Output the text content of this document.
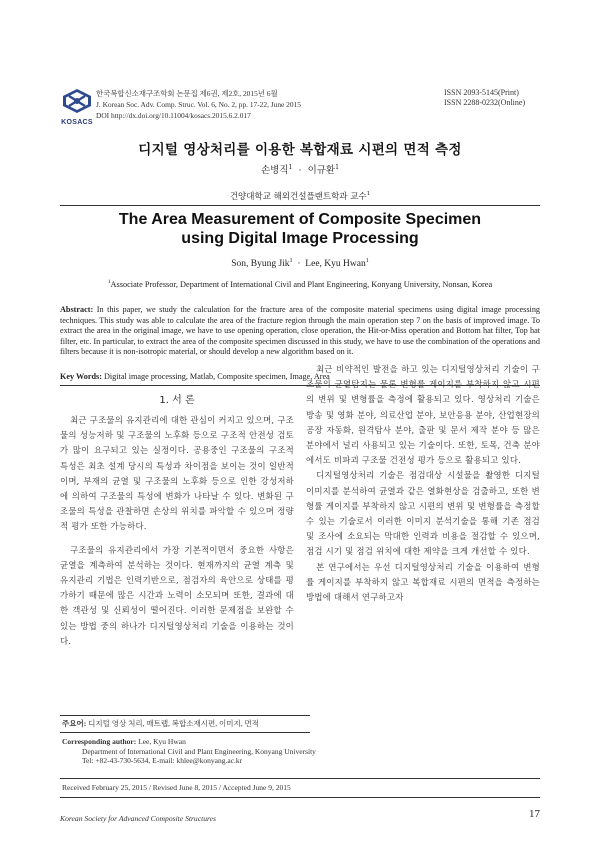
KOSACS
한국복합신소재구조학회 논문집 제6권, 제2호, 2015년 6월
J. Korean Soc. Adv. Comp. Struc. Vol. 6, No. 2, pp. 17-22, June 2015
DOI http://dx.doi.org/10.11004/kosacs.2015.6.2.017
ISSN 2093-5145(Print)
ISSN 2288-0232(Online)
디지털 영상처리를 이용한 복합재료 시편의 면적 측정
손병직$^1$ · 이규환$^1$
건양대학교 해외건설플랜트학과 교수$^1$
The Area Measurement of Composite Specimen
using Digital Image Processing
Son, Byung Jik$^1$ · Lee, Kyu Hwan$^1$
$^1$Associate Professor, Department of International Civil and Plant Engineering, Konyang University, Nonsan, Korea
Abstract: In this paper, we study the calculation for the fracture area of the composite material specimens using digital image processing techniques. This study was able to calculate the area of the fracture region through the main operation step 7 on the basis of improved image. To extract the area in the original image, we have to use opening operation, close operation, the Hit-or-Miss operation and Bottom hat filter, Top hat filter, etc. In particular, to extract the area of the composite specimen discussed in this study, we have to use the combination of the operations and filters because it is non-isotropic material, or should develop a new algorithm based on it.
Key Words: Digital image processing, Matlab, Composite specimen, Image, Area
1. 서 론

최근 구조물의 유지관리에 대한 관심이 커지고 있으며, 구조물의 성능저하 및 구조물의 노후화 등으로 구조적 안전성 검토가 많이 요구되고 있는 실정이다. 공용중인 구조물의 구조적 특성은 최초 설계 당시의 특성과 차이점을 보이는 것이 일반적이며, 부재의 균열 및 구조물의 노후화 등으로 인한 강성저하에 의하여 구조물의 특성에 변화가 나타날 수 있다. 변화된 구조물의 특성을 관찰하면 손상의 위치를 파악할 수 있으며 정량적 평가 또한 가능하다.

구조물의 유지관리에서 가장 기본적이면서 중요한 사항은 균열을 계측하여 분석하는 것이다. 현재까지의 균열 계측 및 유지관리 기법은 인력기반으로, 점검자의 육안으로 상태를 평가하기 때문에 많은 시간과 노력이 소모되며 또한, 결과에 대한 객관성 및 신뢰성이 떨어진다. 이러한 문제점을 보완할 수 있는 방법 중의 하나가 디지털영상처리 기술을 이용하는 것이다.

최근 비약적인 발전을 하고 있는 디지털영상처리 기술이 구조물의 균열탐지는 물론 변형률 게이지를 부착하지 않고 시편의 변위 및 변형률을 측정에 활용되고 있다. 영상처리 기술은 방송 및 영화 분야, 의료산업 분야, 보안응용 분야, 산업현장의 공장 자동화, 원격탐사 분야, 출판 및 문서 제작 분야 등 많은 분야에서 널리 사용되고 있는 기술이다. 또한, 토목, 건축 분야에서도 비파괴 구조물 건전성 평가 등으로 활용되고 있다.

디지털영상처리 기술은 점검대상 시설물을 촬영한 디지털 이미지를 분석하여 균열과 같은 열화현상을 검출하고, 또한 변형률 게이지를 부착하지 않고 시편의 변위 및 변형률을 측정할 수 있는 기술로서 이러한 이미지 분석기술을 통해 기존 점검 및 조사에 소요되는 막대한 인력과 비용을 절감할 수 있으며, 점검 시기 및 점검 위치에 대한 제약을 크게 개선할 수 있다.

본 연구에서는 우선 디지털영상처리 기술을 이용하여 변형률 게이지를 부착하지 않고 복합재료 시편의 면적을 측정하는 방법에 대해서 연구하고자

주요어: 디지털 영상 처리, 매트랩, 복합소재시편, 이미지, 면적
Corresponding author: Lee, Kyu Hwan
Department of International Civil and Plant Engineering, Konyang University
Tel: +82-43-730-5634, E-mail: khlee@konyang.ac.kr
Received February 25, 2015 / Revised June 8, 2015 / Accepted June 9, 2015
Korean Society for Advanced Composite Structures	17
